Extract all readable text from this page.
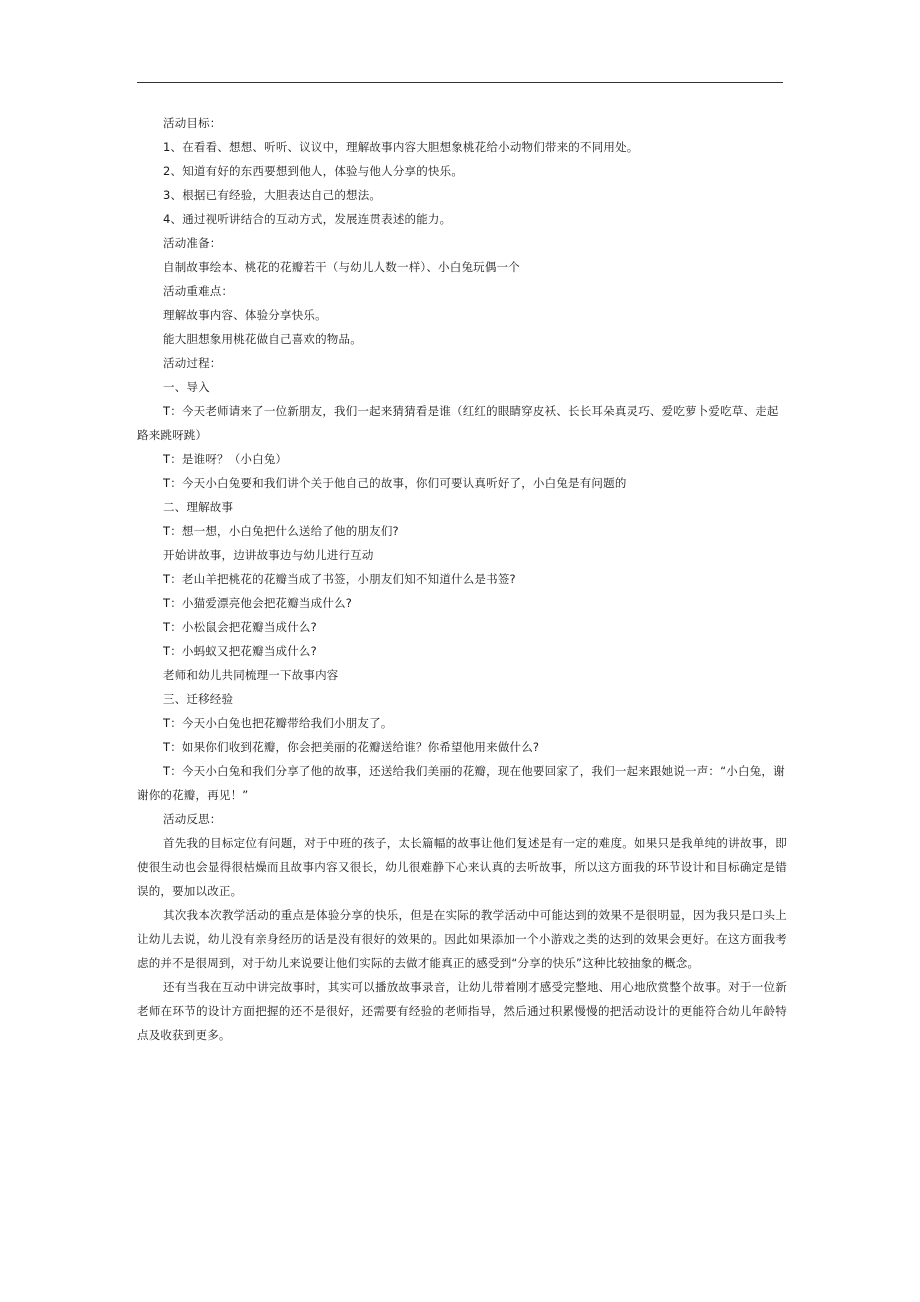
活动目标：
1、在看看、想想、听听、议议中，理解故事内容大胆想象桃花给小动物们带来的不同用处。
2、知道有好的东西要想到他人，体验与他人分享的快乐。
3、根据已有经验，大胆表达自己的想法。
4、通过视听讲结合的互动方式，发展连贯表述的能力。
活动准备：
自制故事绘本、桃花的花瓣若干（与幼儿人数一样）、小白兔玩偶一个
活动重难点：
理解故事内容、体验分享快乐。
能大胆想象用桃花做自己喜欢的物品。
活动过程：
一、导入

T：今天老师请来了一位新朋友，我们一起来猜猜看是谁（红红的眼睛穿皮袄、长长耳朵真灵巧、爱吃萝卜爱吃草、走起路来跳呀跳）

T：是谁呀？（小白兔）
T：今天小白兔要和我们讲个关于他自己的故事，你们可要认真听好了，小白兔是有问题的
二、理解故事
T：想一想，小白兔把什么送给了他的朋友们?
开始讲故事，边讲故事边与幼儿进行互动
T：老山羊把桃花的花瓣当成了书签，小朋友们知不知道什么是书签?
T：小猫爱漂亮他会把花瓣当成什么?
T：小松鼠会把花瓣当成什么?
T：小蚂蚁又把花瓣当成什么?
老师和幼儿共同梳理一下故事内容
三、迁移经验
T：今天小白兔也把花瓣带给我们小朋友了。
T：如果你们收到花瓣，你会把美丽的花瓣送给谁？你希望他用来做什么?

T：今天小白兔和我们分享了他的故事，还送给我们美丽的花瓣，现在他要回家了，我们一起来跟她说一声：“小白兔，谢谢你的花瓣，再见！”

活动反思：

首先我的目标定位有问题，对于中班的孩子，太长篇幅的故事让他们复述是有一定的难度。如果只是我单纯的讲故事，即使很生动也会显得很枯燥而且故事内容又很长，幼儿很难静下心来认真的去听故事，所以这方面我的环节设计和目标确定是错误的，要加以改正。

其次我本次教学活动的重点是体验分享的快乐，但是在实际的教学活动中可能达到的效果不是很明显，因为我只是口头上让幼儿去说，幼儿没有亲身经历的话是没有很好的效果的。因此如果添加一个小游戏之类的达到的效果会更好。在这方面我考虑的并不是很周到，对于幼儿来说要让他们实际的去做才能真正的感受到“分享的快乐”这种比较抽象的概念。

还有当我在互动中讲完故事时，其实可以播放故事录音，让幼儿带着刚才感受完整地、用心地欣赏整个故事。对于一位新老师在环节的设计方面把握的还不是很好，还需要有经验的老师指导，然后通过积累慢慢的把活动设计的更能符合幼儿年龄特点及收获到更多。
